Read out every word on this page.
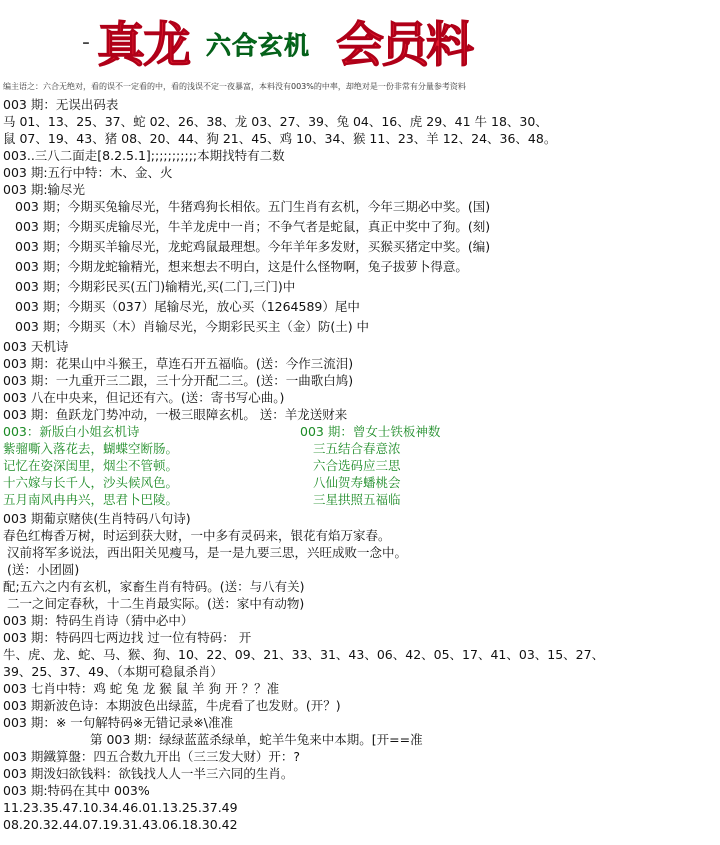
- 真龙 六合玄机 会员料
编主语之：六合无绝对，看的误不一定看的中，看的浅误不定一夜暴富，本料没有003%的中率，却绝对是一份非常有分量参考资料
003 期：无误出码表
马 01、13、25、37、蛇 02、26、38、龙 03、27、39、兔 04、16、虎 29、41 牛 18、30、
鼠 07、19、43、猪 08、20、44、狗 21、45、鸡 10、34、猴 11、23、羊 12、24、36、48。
003..三八二面走[8.2.5.1];;;;;;;;;;;本期找特有二数
003 期:五行中特：木、金、火
003 期:输尽光
003 期；今期买兔输尽光，牛猪鸡狗长相依。五门生肖有玄机，今年三期必中奖。(国)
003 期；今期买虎输尽光，牛羊龙虎中一肖；不争气者是蛇鼠，真正中奖中了狗。(刻)
003 期；今期买羊输尽光，龙蛇鸡鼠最理想。今年羊年多发财，买猴买猪定中奖。(编)
003 期；今期龙蛇输精光，想来想去不明白，这是什么怪物啊，兔子拔萝卜得意。
003 期；今期彩民买(五门)输精光,买(二门,三门)中
003 期；今期买（037）尾输尽光，放心买（1264589）尾中
003 期；今期买（木）肖输尽光，今期彩民买主（金）防(土) 中
003 天机诗
003 期：花果山中斗猴王，草连石开五福临。(送：今作三流泪)
003 期：一九重开三二跟，三十分开配二三。(送：一曲歌白鸠)
003 八在中央来，但记还有六。(送：寄书写心曲。)
003 期：鱼跃龙门势冲动，一极三眼障玄机。 送：羊龙送财来
003：新版白小姐玄机诗
紫骝嘶入落花去，蝴蝶空断肠。
记忆在姿深闺里，烟尘不管顿。
十六嫁与长千人，沙头候风色。
五月南风冉冉兴，思君卜巴陵。
003 期：曾女士铁板神数
三五结合春意浓
六合选码应三思
八仙贺寿蟠桃会
三星拱照五福临
003 期葡京赌侠(生肖特码八句诗)
春色红梅香万树，时运到获大财，一中多有灵码来，银花有焰万家春。
汉前将军多说法，西出阳关见瘦马，是一是九要三思，兴旺成败一念中。
(送：小团圆)
配;五六之内有玄机，家畜生肖有特码。(送：与八有关)
二一之间定春秋，十二生肖最实际。(送：家中有动物)
003 期：特码生肖诗（猜中必中）
003 期：特码四七两边找 过一位有特码： 开
牛、虎、龙、蛇、马、猴、狗、10、22、09、21、33、31、43、06、42、05、17、41、03、15、27、
39、25、37、49、（本期可稳鼠杀肖）
003 七肖中特：鸡 蛇 兔 龙 猴 鼠 羊 狗 开 ？？准
003 期新波色诗：本期波色出绿蓝，牛虎看了也发财。(开？)
003 期：※ 一句解特码※无错记录※\准准
第 003 期：绿绿蓝蓝杀绿单，蛇羊牛兔来中本期。[开==准
003 期鐵算盤：四五合数九开出（三三发大财）开：?
003 期泼妇欲钱料：欲钱找人人一半三六同的生肖。
003 期:特码在其中 003%
11.23.35.47.10.34.46.01.13.25.37.49
08.20.32.44.07.19.31.43.06.18.30.42
